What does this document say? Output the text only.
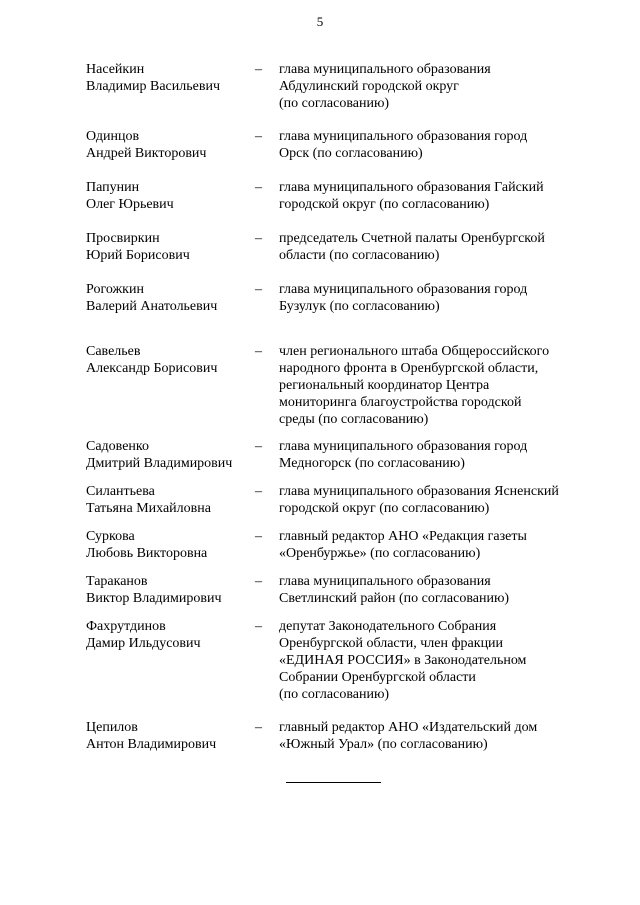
5
Насейкин
Владимир Васильевич
–	глава муниципального образования
Абдулинский городской округ
(по согласованию)
Одинцов
Андрей Викторович
–	глава муниципального образования город
Орск (по согласованию)
Папунин
Олег Юрьевич
–	глава муниципального образования Гайский
городской округ (по согласованию)
Просвиркин
Юрий Борисович
–	председатель Счетной палаты Оренбургской
области (по согласованию)
Рогожкин
Валерий Анатольевич
–	глава муниципального образования город
Бузулук (по согласованию)
Савельев
Александр Борисович
–	член регионального штаба Общероссийского
народного фронта в Оренбургской области,
региональный координатор Центра
мониторинга благоустройства городской
среды (по согласованию)
Садовенко
Дмитрий Владимирович
–	глава муниципального образования город
Медногорск (по согласованию)
Силантьева
Татьяна Михайловна
–	глава муниципального образования Ясненский
городской округ (по согласованию)
Суркова
Любовь Викторовна
–	главный редактор АНО «Редакция газеты
«Оренбуржье» (по согласованию)
Тараканов
Виктор Владимирович
–	глава муниципального образования
Светлинский район (по согласованию)
Фахрутдинов
Дамир Ильдусович
–	депутат Законодательного Собрания
Оренбургской области, член фракции
«ЕДИНАЯ РОССИЯ» в Законодательном
Собрании Оренбургской области
(по согласованию)
Цепилов
Антон Владимирович
–	главный редактор АНО «Издательский дом
«Южный Урал» (по согласованию)
